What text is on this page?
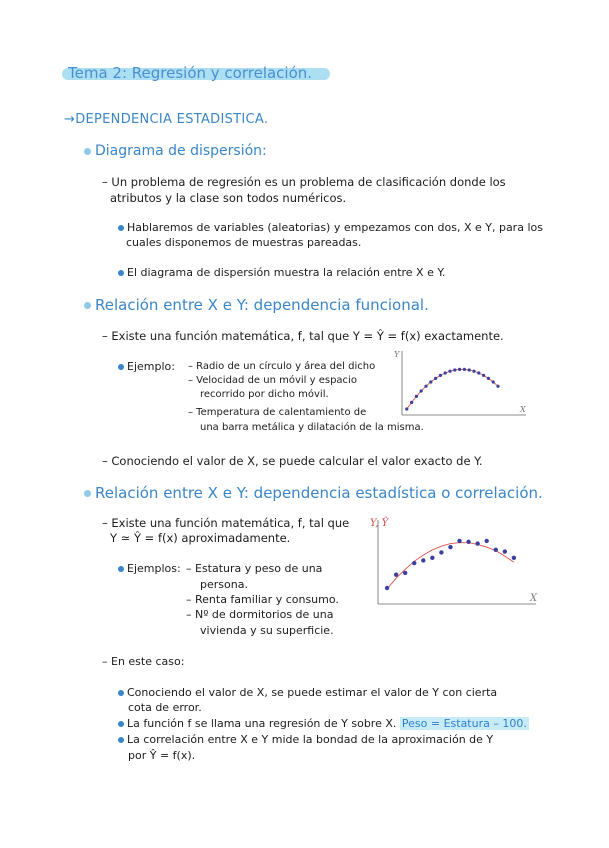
Tema 2: Regresión y correlación.
→DEPENDENCIA ESTADISTICA.
Diagrama de dispersión:
– Un problema de regresión es un problema de clasificación donde los
atributos y la clase son todos numéricos.
Hablaremos de variables (aleatorias) y empezamos con dos, X e Y, para los
cuales disponemos de muestras pareadas.
El diagrama de dispersión muestra la relación entre X e Y.
Relación entre X e Y: dependencia funcional.
– Existe una función matemática, f, tal que Y = Ŷ = f(x) exactamente.
Ejemplo: – Radio de un círculo y área del dicho
– Velocidad de un móvil y espacio
recorrido por dicho móvil.
– Temperatura de calentamiento de
una barra metálica y dilatación de la misma.
Y
X
– Conociendo el valor de X, se puede calcular el valor exacto de Y.
Relación entre X e Y: dependencia estadística o correlación.
– Existe una función matemática, f, tal que
Y ≃ Ŷ = f(x) aproximadamente.
Ejemplos: – Estatura y peso de una
persona.
– Renta familiar y consumo.
– Nº de dormitorios de una
vivienda y su superficie.
Y, Ŷ
X
– En este caso:
Conociendo el valor de X, se puede estimar el valor de Y con cierta
cota de error.
La función f se llama una regresión de Y sobre X. Peso = Estatura – 100.
La correlación entre X e Y mide la bondad de la aproximación de Y
por Ŷ = f(x).
